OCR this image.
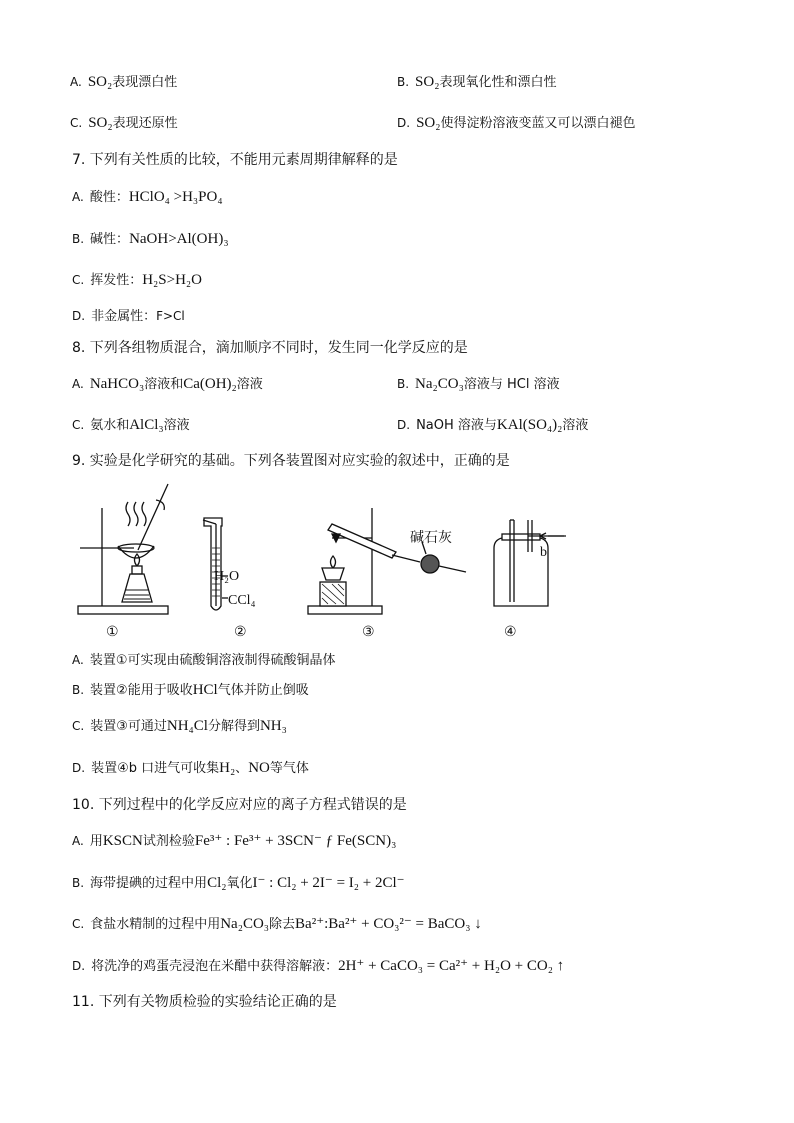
A. SO₂表现漂白性	B. SO₂表现氧化性和漂白性
C. SO₂表现还原性	D. SO₂使得淀粉溶液变蓝又可以漂白褪色
7. 下列有关性质的比较，不能用元素周期律解释的是
A. 酸性：HClO₄ >H₃PO₄
B. 碱性：NaOH>Al(OH)₃
C. 挥发性：H₂S>H₂O
D. 非金属性：F>Cl
8. 下列各组物质混合，滴加顺序不同时，发生同一化学反应的是
A. NaHCO₃溶液和Ca(OH)₂溶液	B. Na₂CO₃溶液与 HCl 溶液
C. 氨水和AlCl₃溶液	D. NaOH 溶液与KAl(SO₄)₂溶液
9. 实验是化学研究的基础。下列各装置图对应实验的叙述中，正确的是
H₂O
CCl₄
碱石灰
b
①	②	③	④
A. 装置①可实现由硫酸铜溶液制得硫酸铜晶体
B. 装置②能用于吸收HCl气体并防止倒吸
C. 装置③可通过NH₄Cl分解得到NH₃
D. 装置④b 口进气可收集H₂、NO等气体
10. 下列过程中的化学反应对应的离子方程式错误的是
A. 用KSCN试剂检验Fe³⁺ : Fe³⁺ + 3SCN⁻ ƒ Fe(SCN)₃
B. 海带提碘的过程中用Cl₂氧化I⁻ : Cl₂ + 2I⁻ = I₂ + 2Cl⁻
C. 食盐水精制的过程中用Na₂CO₃除去Ba²⁺:Ba²⁺ + CO₃²⁻ = BaCO₃ ↓
D. 将洗净的鸡蛋壳浸泡在米醋中获得溶解液：2H⁺ + CaCO₃ = Ca²⁺ + H₂O + CO₂ ↑
11. 下列有关物质检验的实验结论正确的是
